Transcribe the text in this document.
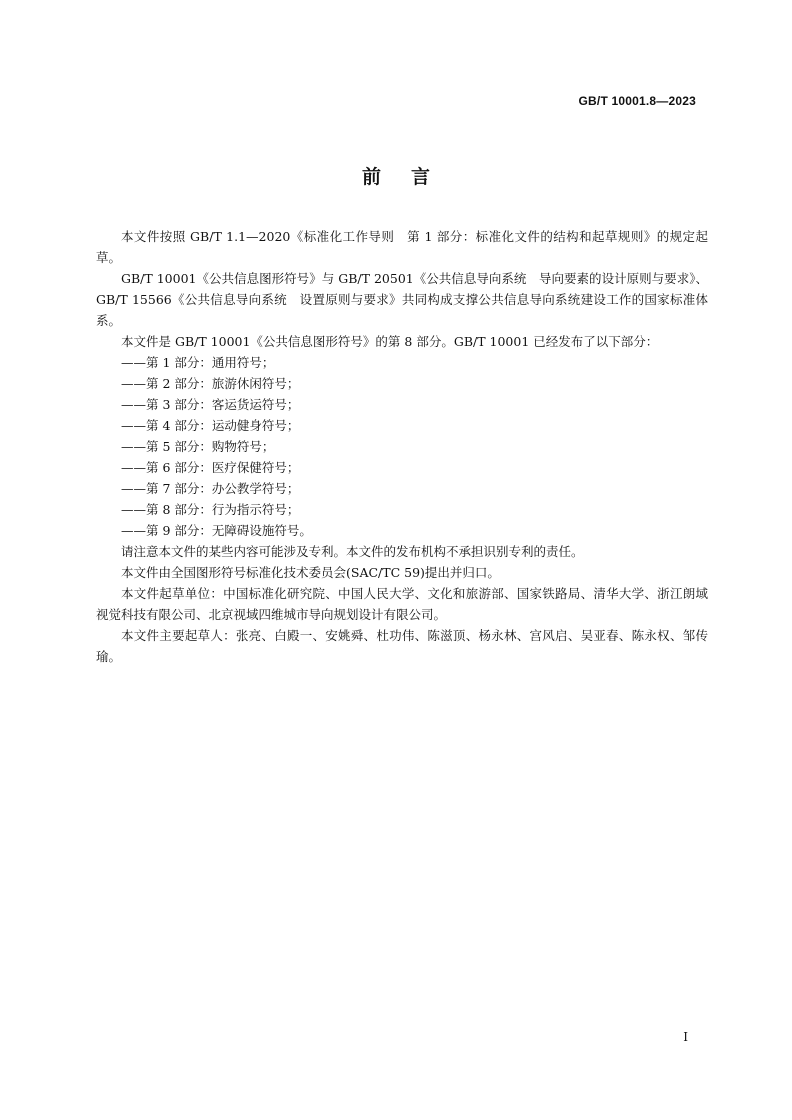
GB/T 10001.8—2023
前 言

本文件按照 GB/T 1.1—2020《标准化工作导则　第 1 部分：标准化文件的结构和起草规则》的规定起草。

GB/T 10001《公共信息图形符号》与 GB/T 20501《公共信息导向系统　导向要素的设计原则与要求》、GB/T 15566《公共信息导向系统　设置原则与要求》共同构成支撑公共信息导向系统建设工作的国家标准体系。

本文件是 GB/T 10001《公共信息图形符号》的第 8 部分。GB/T 10001 已经发布了以下部分：

——第 1 部分：通用符号；

——第 2 部分：旅游休闲符号；

——第 3 部分：客运货运符号；

——第 4 部分：运动健身符号；

——第 5 部分：购物符号；

——第 6 部分：医疗保健符号；

——第 7 部分：办公教学符号；

——第 8 部分：行为指示符号；

——第 9 部分：无障碍设施符号。

请注意本文件的某些内容可能涉及专利。本文件的发布机构不承担识别专利的责任。

本文件由全国图形符号标准化技术委员会(SAC/TC 59)提出并归口。

本文件起草单位：中国标准化研究院、中国人民大学、文化和旅游部、国家铁路局、清华大学、浙江朗域视觉科技有限公司、北京视域四维城市导向规划设计有限公司。

本文件主要起草人：张亮、白殿一、安姚舜、杜功伟、陈滋顶、杨永林、宫风启、吴亚春、陈永权、邹传瑜。

I
